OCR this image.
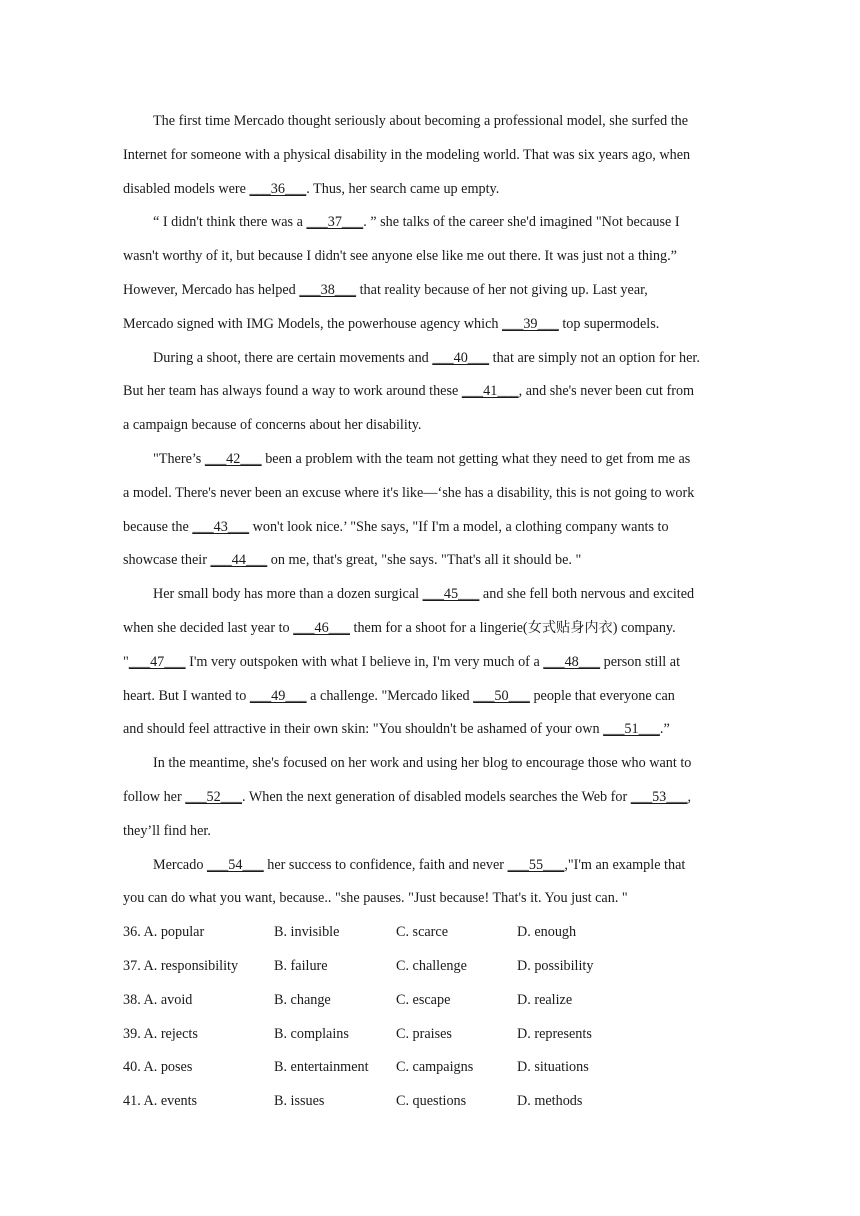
The first time Mercado thought seriously about becoming a professional model, she surfed the
Internet for someone with a physical disability in the modeling world. That was six years ago, when
disabled models were ___36___. Thus, her search came up empty.
“ I didn't think there was a ___37___. ” she talks of the career she'd imagined "Not because I
wasn't worthy of it, but because I didn't see anyone else like me out there. It was just not a thing.”
However, Mercado has helped ___38___ that reality because of her not giving up. Last year,
Mercado signed with IMG Models, the powerhouse agency which ___39___ top supermodels.
During a shoot, there are certain movements and ___40___ that are simply not an option for her.
But her team has always found a way to work around these ___41___, and she's never been cut from
a campaign because of concerns about her disability.
"There’s ___42___ been a problem with the team not getting what they need to get from me as
a model. There's never been an excuse where it's like—‘she has a disability, this is not going to work
because the ___43___ won't look nice.’ "She says, "If I'm a model, a clothing company wants to
showcase their ___44___ on me, that's great, "she says. "That's all it should be. "
Her small body has more than a dozen surgical ___45___ and she fell both nervous and excited
when she decided last year to ___46___ them for a shoot for a lingerie(女式贴身内衣) company.
"___47___ I'm very outspoken with what I believe in, I'm very much of a ___48___ person still at
heart. But I wanted to ___49___ a challenge. "Mercado liked ___50___ people that everyone can
and should feel attractive in their own skin: "You shouldn't be ashamed of your own ___51___.”
In the meantime, she's focused on her work and using her blog to encourage those who want to
follow her ___52___. When the next generation of disabled models searches the Web for ___53___,
they’ll find her.
Mercado ___54___ her success to confidence, faith and never ___55___,"I'm an example that
you can do what you want, because.. "she pauses. "Just because! That's it. You just can. "
36. A. popular	B. invisible	C. scarce	D. enough
37. A. responsibility	B. failure	C. challenge	D. possibility
38. A. avoid	B. change	C. escape	D. realize
39. A. rejects	B. complains	C. praises	D. represents
40. A. poses	B. entertainment	C. campaigns	D. situations
41. A. events	B. issues	C. questions	D. methods
